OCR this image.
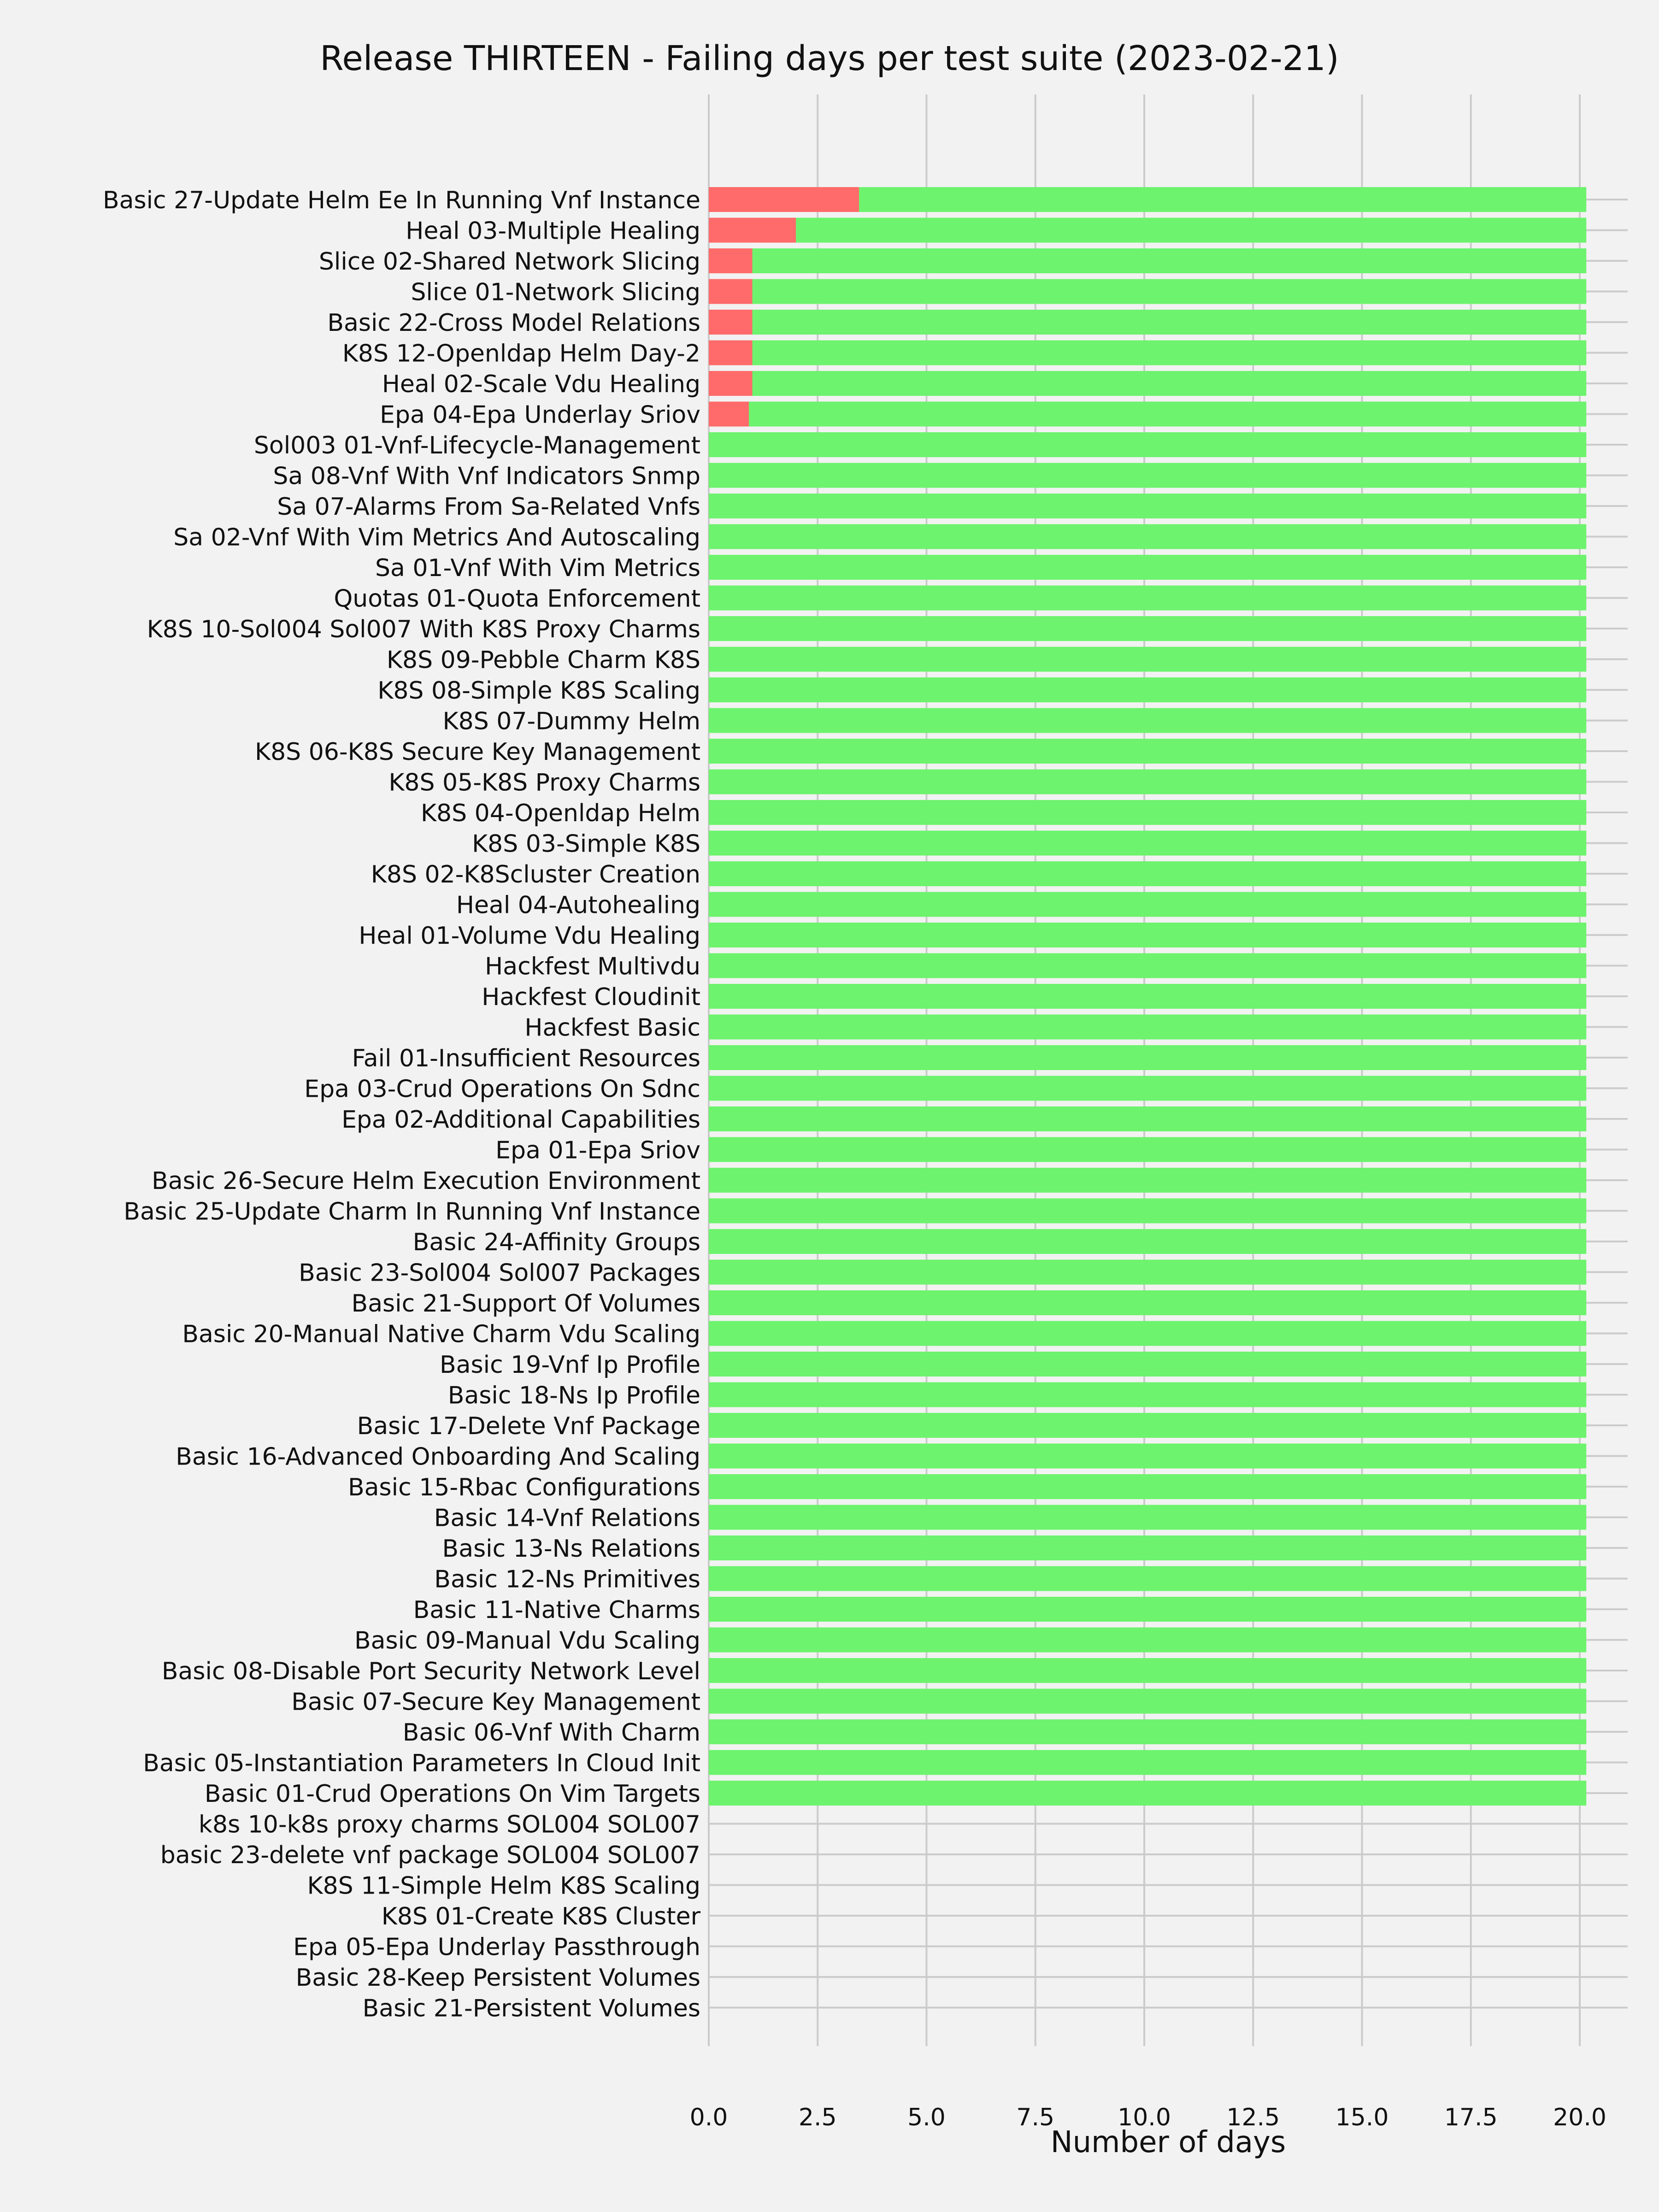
Basic 27-Update Helm Ee In Running Vnf Instance
Heal 03-Multiple Healing
Slice 02-Shared Network Slicing
Slice 01-Network Slicing
Basic 22-Cross Model Relations
K8S 12-Openldap Helm Day-2
Heal 02-Scale Vdu Healing
Epa 04-Epa Underlay Sriov
Sol003 01-Vnf-Lifecycle-Management
Sa 08-Vnf With Vnf Indicators Snmp
Sa 07-Alarms From Sa-Related Vnfs
Sa 02-Vnf With Vim Metrics And Autoscaling
Sa 01-Vnf With Vim Metrics
Quotas 01-Quota Enforcement
K8S 10-Sol004 Sol007 With K8S Proxy Charms
K8S 09-Pebble Charm K8S
K8S 08-Simple K8S Scaling
K8S 07-Dummy Helm
K8S 06-K8S Secure Key Management
K8S 05-K8S Proxy Charms
K8S 04-Openldap Helm
K8S 03-Simple K8S
K8S 02-K8Scluster Creation
Heal 04-Autohealing
Heal 01-Volume Vdu Healing
Hackfest Multivdu
Hackfest Cloudinit
Hackfest Basic
Fail 01-Insufficient Resources
Epa 03-Crud Operations On Sdnc
Epa 02-Additional Capabilities
Epa 01-Epa Sriov
Basic 26-Secure Helm Execution Environment
Basic 25-Update Charm In Running Vnf Instance
Basic 24-Affinity Groups
Basic 23-Sol004 Sol007 Packages
Basic 21-Support Of Volumes
Basic 20-Manual Native Charm Vdu Scaling
Basic 19-Vnf Ip Profile
Basic 18-Ns Ip Profile
Basic 17-Delete Vnf Package
Basic 16-Advanced Onboarding And Scaling
Basic 15-Rbac Configurations
Basic 14-Vnf Relations
Basic 13-Ns Relations
Basic 12-Ns Primitives
Basic 11-Native Charms
Basic 09-Manual Vdu Scaling
Basic 08-Disable Port Security Network Level
Basic 07-Secure Key Management
Basic 06-Vnf With Charm
Basic 05-Instantiation Parameters In Cloud Init
Basic 01-Crud Operations On Vim Targets
k8s 10-k8s proxy charms SOL004 SOL007
basic 23-delete vnf package SOL004 SOL007
K8S 11-Simple Helm K8S Scaling
K8S 01-Create K8S Cluster
Epa 05-Epa Underlay Passthrough
Basic 28-Keep Persistent Volumes
Basic 21-Persistent Volumes
0.0	2.5	5.0	7.5	10.0 12.5 15.0 17.5 20.0
Release THIRTEEN - Failing days per test suite (2023-02-21)
Number of days
